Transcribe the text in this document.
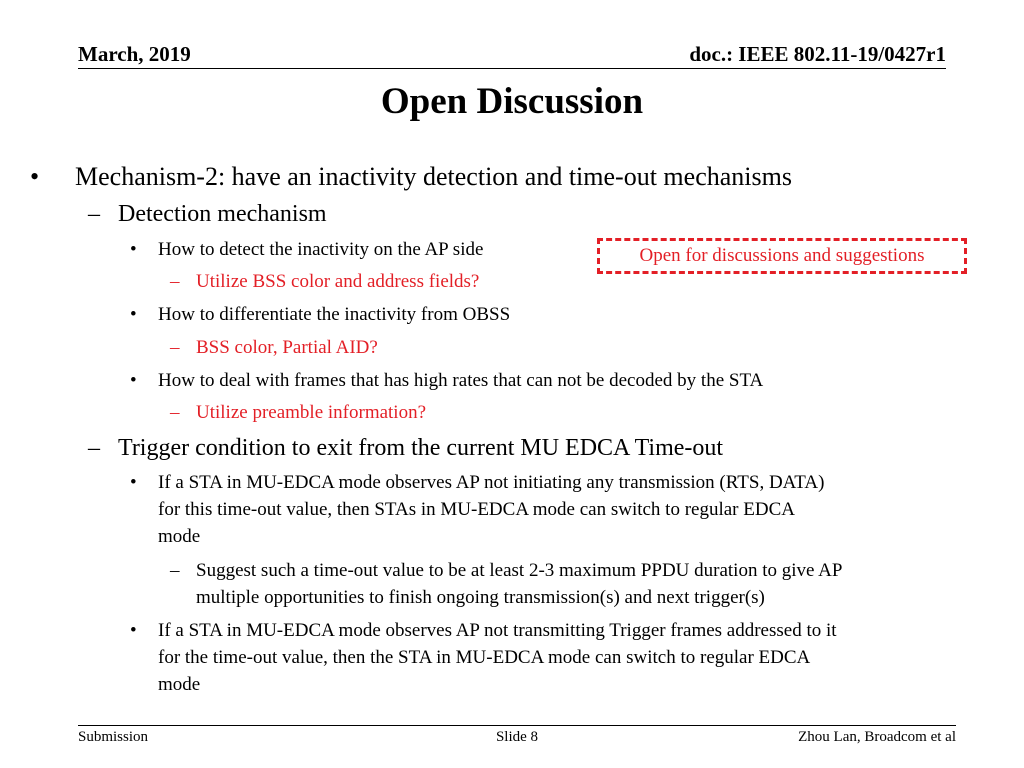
March, 2019	doc.: IEEE 802.11-19/0427r1
Open Discussion
• Mechanism-2: have an inactivity detection and time-out mechanisms
– Detection mechanism
• How to detect the inactivity on the AP side
– Utilize BSS color and address fields?
• How to differentiate the inactivity from OBSS
– BSS color, Partial AID?
• How to deal with frames that has high rates that can not be decoded by the STA
– Utilize preamble information?
– Trigger condition to exit from the current MU EDCA Time-out
• If a STA in MU-EDCA mode observes AP not initiating any transmission (RTS, DATA)
for this time-out value, then STAs in MU-EDCA mode can switch to regular EDCA
mode
– Suggest such a time-out value to be at least 2-3 maximum PPDU duration to give AP
multiple opportunities to finish ongoing transmission(s) and next trigger(s)
• If a STA in MU-EDCA mode observes AP not transmitting Trigger frames addressed to it
for the time-out value, then the STA in MU-EDCA mode can switch to regular EDCA
mode
Open for discussions and suggestions
Submission	Slide 8	Zhou Lan, Broadcom et al
